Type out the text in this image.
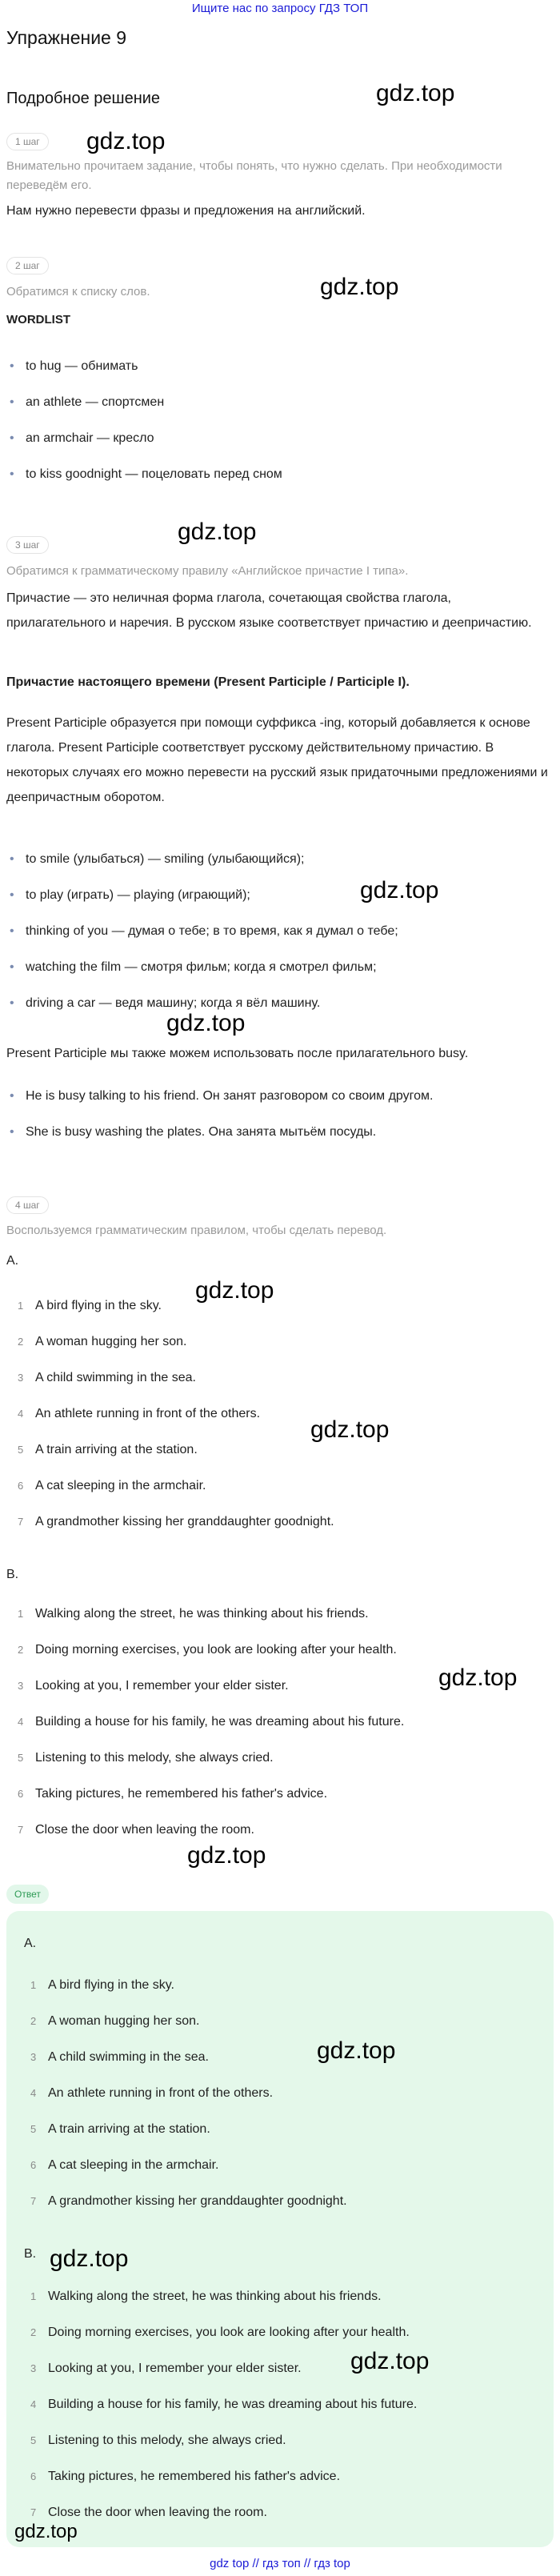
Ищите нас по запросу ГДЗ ТОП
Упражнение 9
Подробное решение	gdz.top
1 шаг	gdz.top
Внимательно прочитаем задание, чтобы понять, что нужно сделать. При необходимости переведём его.
Нам нужно перевести фразы и предложения на английский.
2 шаг
Обратимся к списку слов.	gdz.top
WORDLIST
• to hug — обнимать
• an athlete — спортсмен
• an armchair — кресло
• to kiss goodnight — поцеловать перед сном
gdz.top
3 шаг
Обратимся к грамматическому правилу «Английское причастие I типа».
Причастие — это неличная форма глагола, сочетающая свойства глагола, прилагательного и наречия. В русском языке соответствует причастию и деепричастию.
Причастие настоящего времени (Present Participle / Participle I).
Present Participle образуется при помощи суффикса -ing, который добавляется к основе глагола. Present Participle соответствует русскому действительному причастию. В некоторых случаях его можно перевести на русский язык придаточными предложениями и деепричастным оборотом.
• to smile (улыбаться) — smiling (улыбающийся);
• to play (играть) — playing (играющий);	gdz.top
• thinking of you — думая о тебе; в то время, как я думал о тебе;
• watching the film — смотря фильм; когда я смотрел фильм;
• driving a car — ведя машину; когда я вёл машину.
gdz.top
Present Participle мы также можем использовать после прилагательного busy.
• He is busy talking to his friend. Он занят разговором со своим другом.
• She is busy washing the plates. Она занята мытьём посуды.
4 шаг
Воспользуемся грамматическим правилом, чтобы сделать перевод.
A.
1 A bird flying in the sky.
gdz.top
2 A woman hugging her son.
3 A child swimming in the sea.
4 An athlete running in front of the others.
gdz.top
5 A train arriving at the station.
6 A cat sleeping in the armchair.
7 A grandmother kissing her granddaughter goodnight.
B.
1 Walking along the street, he was thinking about his friends.
2 Doing morning exercises, you look are looking after your health.
gdz.top
3 Looking at you, I remember your elder sister.
4 Building a house for his family, he was dreaming about his future.
5 Listening to this melody, she always cried.
6 Taking pictures, he remembered his father's advice.
7 Close the door when leaving the room.
gdz.top
Ответ
A.
1 A bird flying in the sky.
2 A woman hugging her son.
3 A child swimming in the sea.	gdz.top
4 An athlete running in front of the others.
5 A train arriving at the station.
6 A cat sleeping in the armchair.
7 A grandmother kissing her granddaughter goodnight.
B. gdz.top
1 Walking along the street, he was thinking about his friends.
2 Doing morning exercises, you look are looking after your health.
3 Looking at you, I remember your elder sister. gdz.top
4 Building a house for his family, he was dreaming about his future.
5 Listening to this melody, she always cried.
6 Taking pictures, he remembered his father's advice.
7 Close the door when leaving the room.
gdz.top
gdz top // гдз топ // гдз top
